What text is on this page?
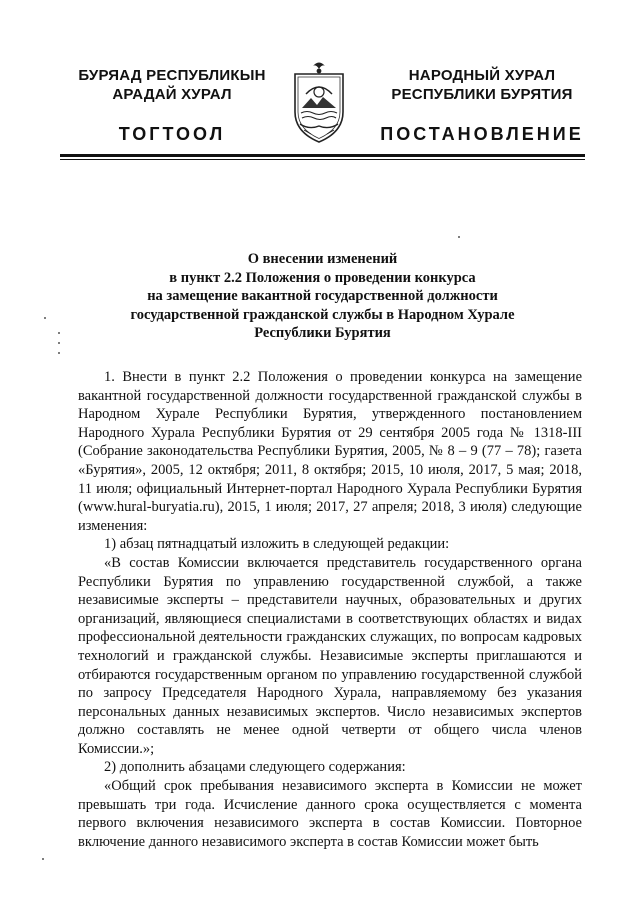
БУРЯАД РЕСПУБЛИКЫН
АРАДАЙ ХУРАЛ
ТОГТООЛ
НАРОДНЫЙ ХУРАЛ
РЕСПУБЛИКИ БУРЯТИЯ
ПОСТАНОВЛЕНИЕ
О внесении изменений
в пункт 2.2 Положения о проведении конкурса
на замещение вакантной государственной должности
государственной гражданской службы в Народном Хурале
Республики Бурятия

1. Внести в пункт 2.2 Положения о проведении конкурса на замещение вакантной государственной должности государственной гражданской службы в Народном Хурале Республики Бурятия, утвержденного постановлением Народного Хурала Республики Бурятия от 29 сентября 2005 года № 1318-III (Собрание законодательства Республики Бурятия, 2005, № 8 – 9 (77 – 78); газета «Бурятия», 2005, 12 октября; 2011, 8 октября; 2015, 10 июля, 2017, 5 мая; 2018, 11 июля; официальный Интернет-портал Народного Хурала Республики Бурятия (www.hural-buryatia.ru), 2015, 1 июля; 2017, 27 апреля; 2018, 3 июля) следующие изменения:

1) абзац пятнадцатый изложить в следующей редакции:

«В состав Комиссии включается представитель государственного органа Республики Бурятия по управлению государственной службой, а также независимые эксперты – представители научных, образовательных и других организаций, являющиеся специалистами в соответствующих областях и видах профессиональной деятельности гражданских служащих, по вопросам кадровых технологий и гражданской службы. Независимые эксперты приглашаются и отбираются государственным органом по управлению государственной службой по запросу Председателя Народного Хурала, направляемому без указания персональных данных независимых экспертов. Число независимых экспертов должно составлять не менее одной четверти от общего числа членов Комиссии.»;

2) дополнить абзацами следующего содержания:

«Общий срок пребывания независимого эксперта в Комиссии не может превышать три года. Исчисление данного срока осуществляется с момента первого включения независимого эксперта в состав Комиссии. Повторное включение данного независимого эксперта в состав Комиссии может быть
